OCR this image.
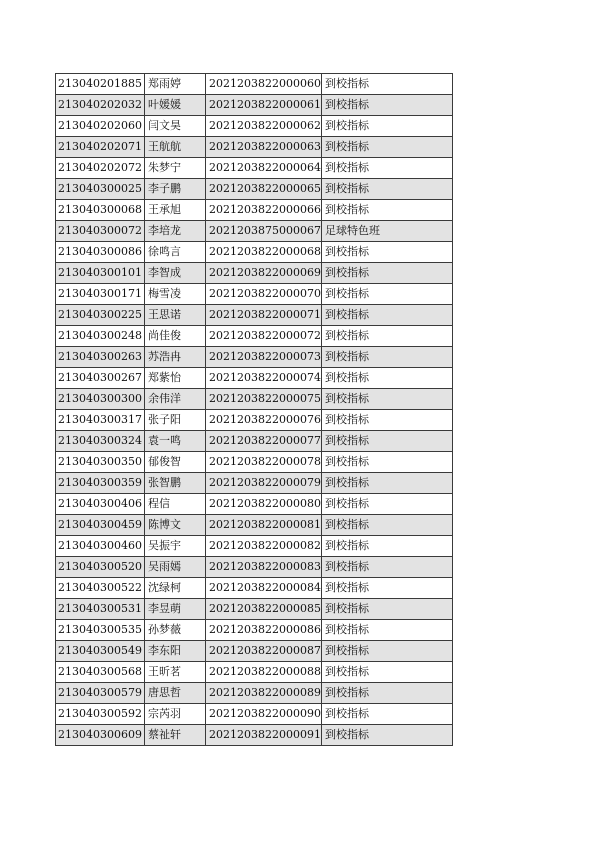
213040201885	郑雨婷	2021203822000060	到校指标
213040202032	叶媛媛	2021203822000061	到校指标
213040202060	闫文昊	2021203822000062	到校指标
213040202071	王航航	2021203822000063	到校指标
213040202072	朱梦宁	2021203822000064	到校指标
213040300025	李子鹏	2021203822000065	到校指标
213040300068	王承旭	2021203822000066	到校指标
213040300072	李培龙	2021203875000067	足球特色班
213040300086	徐鸣言	2021203822000068	到校指标
213040300101	李智成	2021203822000069	到校指标
213040300171	梅雪凌	2021203822000070	到校指标
213040300225	王思诺	2021203822000071	到校指标
213040300248	尚佳俊	2021203822000072	到校指标
213040300263	苏浩冉	2021203822000073	到校指标
213040300267	郑紫怡	2021203822000074	到校指标
213040300300	余伟洋	2021203822000075	到校指标
213040300317	张子阳	2021203822000076	到校指标
213040300324	袁一鸣	2021203822000077	到校指标
213040300350	郁俊智	2021203822000078	到校指标
213040300359	张智鹏	2021203822000079	到校指标
213040300406	程信	2021203822000080	到校指标
213040300459	陈博文	2021203822000081	到校指标
213040300460	吴振宇	2021203822000082	到校指标
213040300520	吴雨嫣	2021203822000083	到校指标
213040300522	沈绿柯	2021203822000084	到校指标
213040300531	李昱萌	2021203822000085	到校指标
213040300535	孙梦薇	2021203822000086	到校指标
213040300549	李东阳	2021203822000087	到校指标
213040300568	王昕茗	2021203822000088	到校指标
213040300579	唐思哲	2021203822000089	到校指标
213040300592	宗芮羽	2021203822000090	到校指标
213040300609	蔡祉轩	2021203822000091	到校指标
